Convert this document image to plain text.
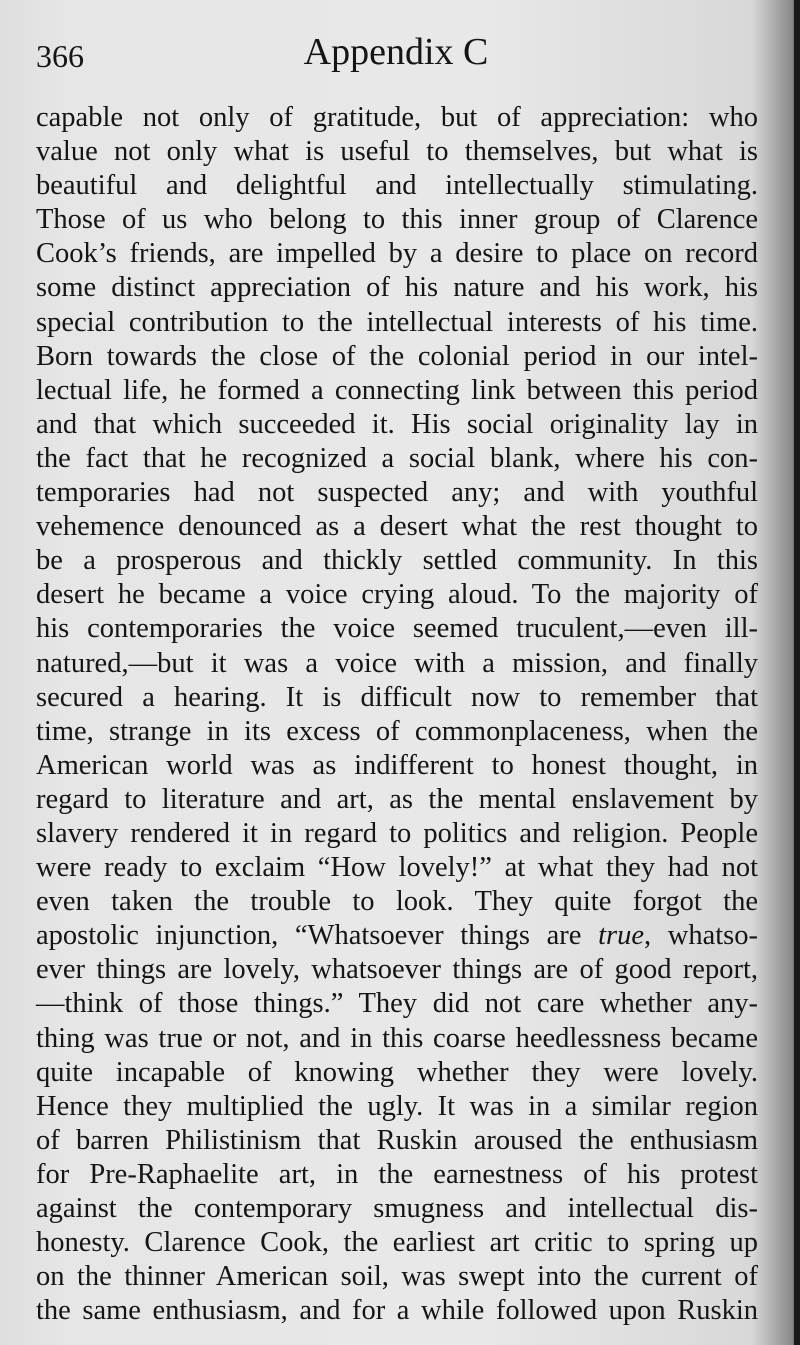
366	Appendix C
capable not only of gratitude, but of appreciation: who
value not only what is useful to themselves, but what is
beautiful and delightful and intellectually stimulating.
Those of us who belong to this inner group of Clarence
Cook’s friends, are impelled by a desire to place on record
some distinct appreciation of his nature and his work, his
special contribution to the intellectual interests of his time.
Born towards the close of the colonial period in our intel-
lectual life, he formed a connecting link between this period
and that which succeeded it. His social originality lay in
the fact that he recognized a social blank, where his con-
temporaries had not suspected any; and with youthful
vehemence denounced as a desert what the rest thought to
be a prosperous and thickly settled community. In this
desert he became a voice crying aloud. To the majority of
his contemporaries the voice seemed truculent,—even ill-
natured,—but it was a voice with a mission, and finally
secured a hearing. It is difficult now to remember that
time, strange in its excess of commonplaceness, when the
American world was as indifferent to honest thought, in
regard to literature and art, as the mental enslavement by
slavery rendered it in regard to politics and religion. People
were ready to exclaim “How lovely!” at what they had not
even taken the trouble to look. They quite forgot the
apostolic injunction, “Whatsoever things are true, whatso-
ever things are lovely, whatsoever things are of good report,
—think of those things.” They did not care whether any-
thing was true or not, and in this coarse heedlessness became
quite incapable of knowing whether they were lovely.
Hence they multiplied the ugly. It was in a similar region
of barren Philistinism that Ruskin aroused the enthusiasm
for Pre-Raphaelite art, in the earnestness of his protest
against the contemporary smugness and intellectual dis-
honesty. Clarence Cook, the earliest art critic to spring up
on the thinner American soil, was swept into the current of
the same enthusiasm, and for a while followed upon Ruskin
